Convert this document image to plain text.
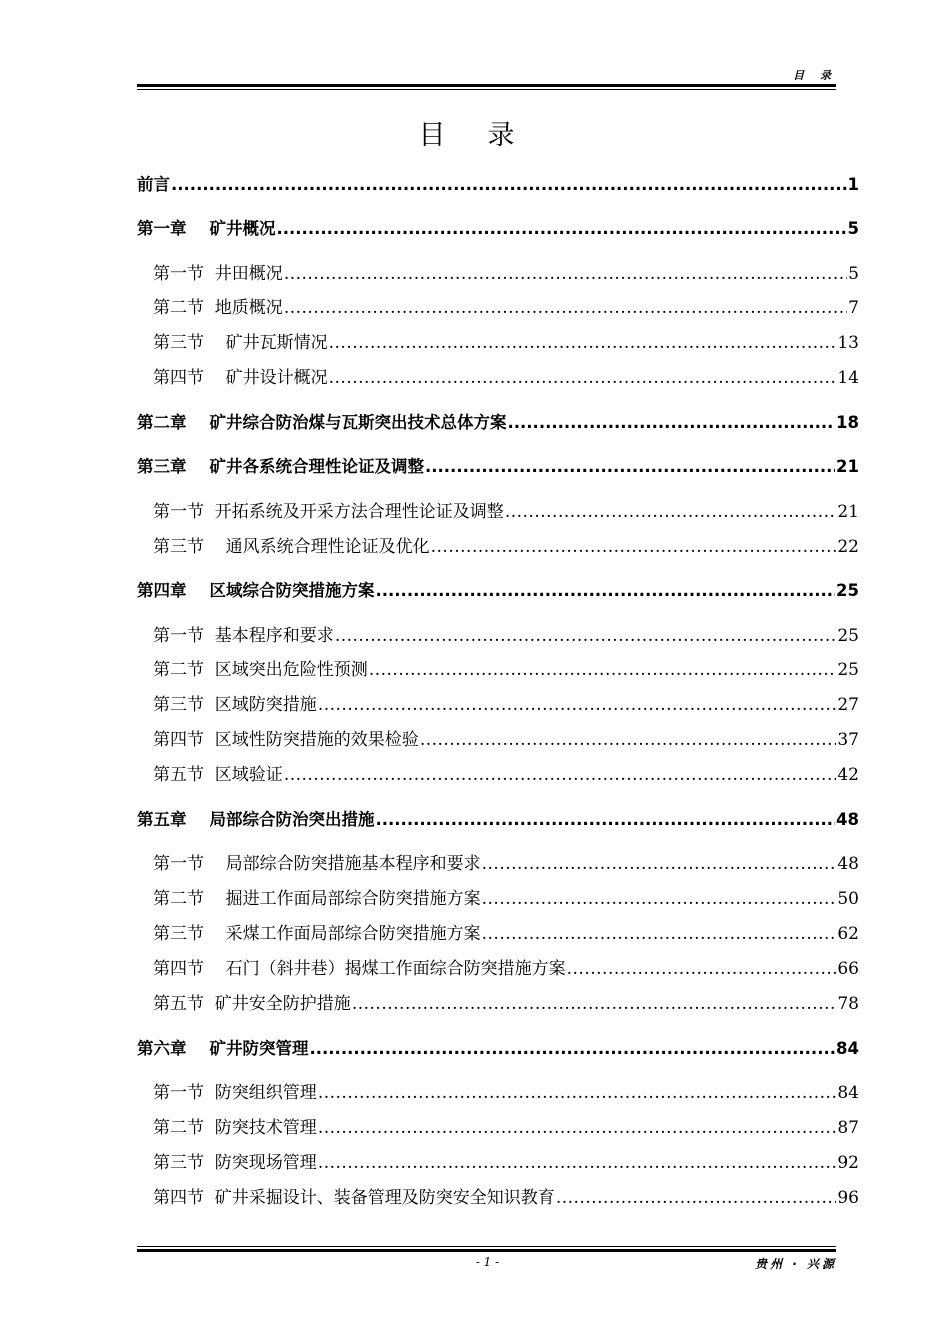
目 录
目录
前言 .....	1
第一章    矿井概况 .....	5
第一节  井田概况 .....	5
第二节  地质概况 .....	7
第三节    矿井瓦斯情况 .....	13
第四节    矿井设计概况 .....	14
第二章    矿井综合防治煤与瓦斯突出技术总体方案 .....	18
第三章    矿井各系统合理性论证及调整 .....	21
第一节  开拓系统及开采方法合理性论证及调整 .....	21
第三节    通风系统合理性论证及优化 .....	22
第四章    区域综合防突措施方案 .....	25
第一节  基本程序和要求 .....	25
第二节  区域突出危险性预测 .....	25
第三节  区域防突措施 .....	27
第四节  区域性防突措施的效果检验 .....	37
第五节  区域验证 .....	42
第五章    局部综合防治突出措施 .....	48
第一节    局部综合防突措施基本程序和要求 .....	48
第二节    掘进工作面局部综合防突措施方案 .....	50
第三节    采煤工作面局部综合防突措施方案 .....	62
第四节    石门（斜井巷）揭煤工作面综合防突措施方案 .....	66
第五节  矿井安全防护措施 .....	78
第六章    矿井防突管理 .....	84
第一节  防突组织管理 .....	84
第二节  防突技术管理 .....	87
第三节  防突现场管理 .....	92
第四节  矿井采掘设计、装备管理及防突安全知识教育 .....	96
- 1 -	贵州 · 兴源
